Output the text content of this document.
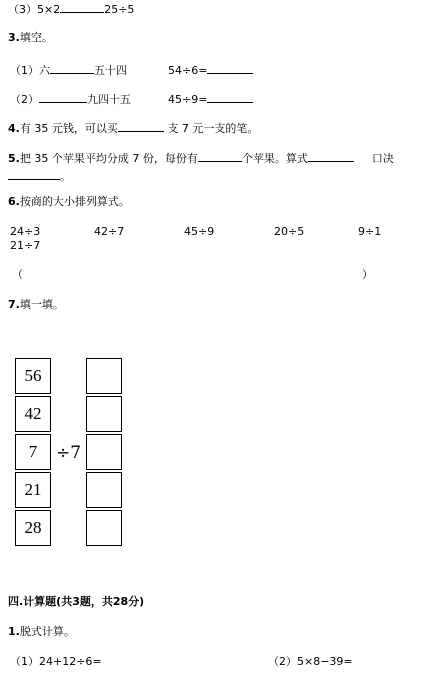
（3）5×2	25÷5
3.填空。
（1）六	五十四	54÷6=
（2）	九四十五	45÷9=
4.有 35 元钱，可以买	支 7 元一支的笔。
5.把 35 个苹果平均分成 7 份，每份有	个苹果。算式	口决
。
6.按商的大小排列算式。
24÷3	42÷7	45÷9	20÷5	9÷1
21÷7
（	）
7.填一填。
56
42
7
21
28
÷7
四.计算题(共3题，共28分)
1.脱式计算。
（1）24+12÷6=	（2）5×8−39=
